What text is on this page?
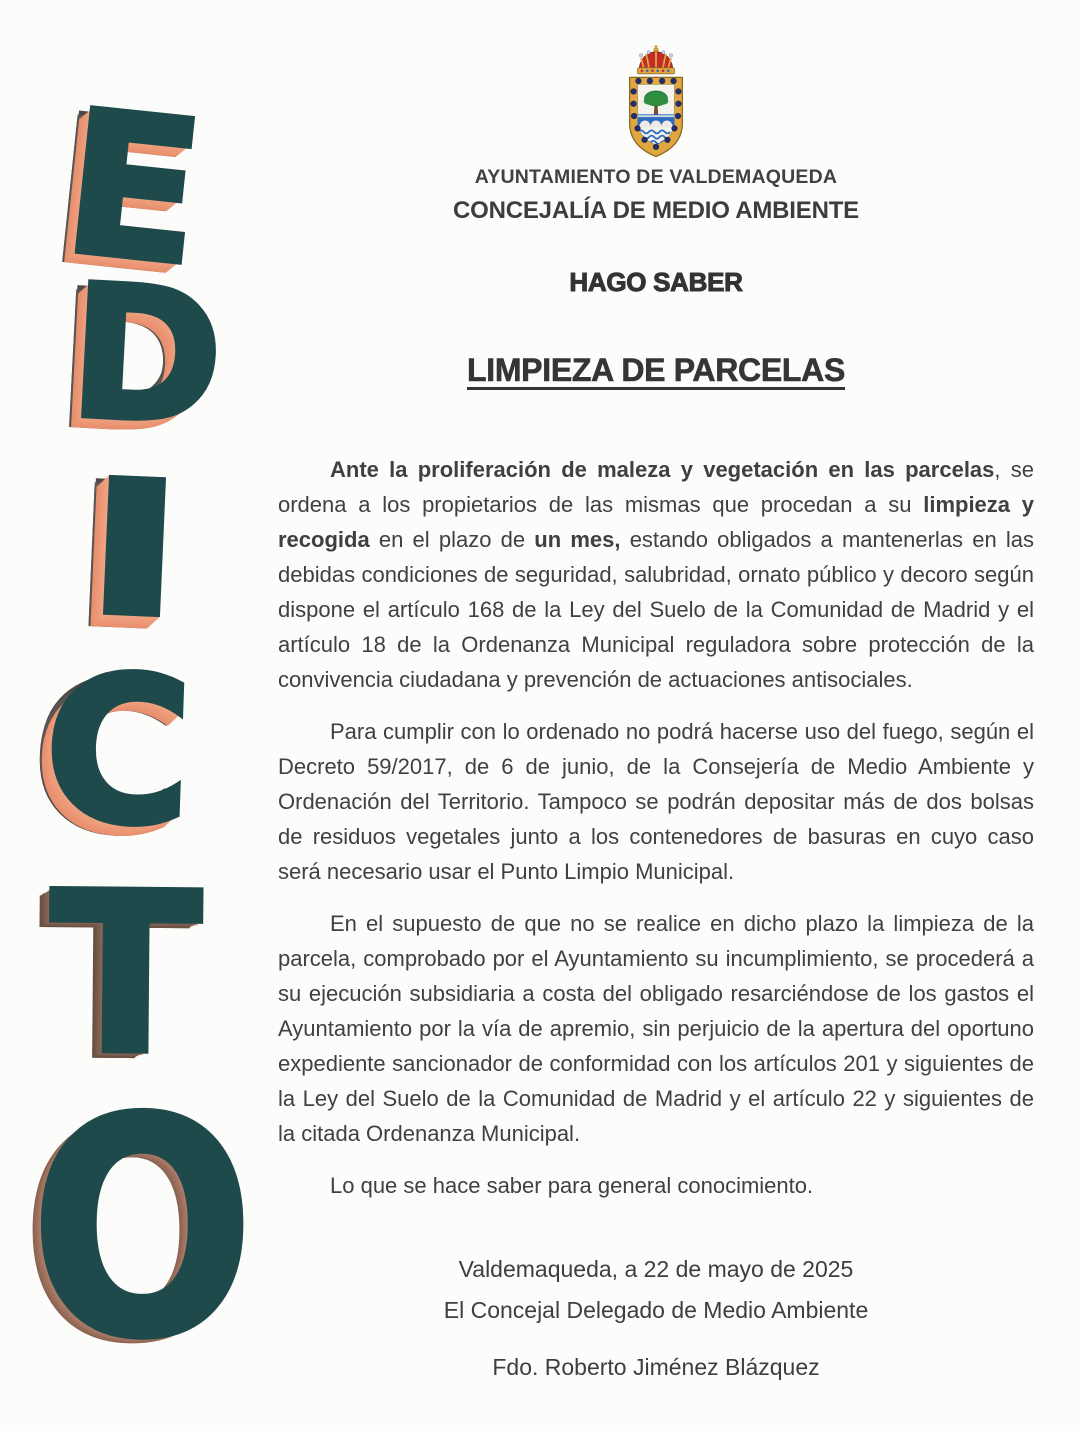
E
D
C
T
O
AYUNTAMIENTO DE VALDEMAQUEDA
CONCEJALÍA DE MEDIO AMBIENTE
HAGO SABER
LIMPIEZA DE PARCELAS

Ante la proliferación de maleza y vegetación en las parcelas, se ordena a los propietarios de las mismas que procedan a su limpieza y recogida en el plazo de un mes, estando obligados a mantenerlas en las debidas condiciones de seguridad, salubridad, ornato público y decoro según dispone el artículo 168 de la Ley del Suelo de la Comunidad de Madrid y el artículo 18 de la Ordenanza Municipal reguladora sobre protección de la convivencia ciudadana y prevención de actuaciones antisociales.

Para cumplir con lo ordenado no podrá hacerse uso del fuego, según el Decreto 59/2017, de 6 de junio, de la Consejería de Medio Ambiente y Ordenación del Territorio. Tampoco se podrán depositar más de dos bolsas de residuos vegetales junto a los contenedores de basuras en cuyo caso será necesario usar el Punto Limpio Municipal.

En el supuesto de que no se realice en dicho plazo la limpieza de la parcela, comprobado por el Ayuntamiento su incumplimiento, se procederá a su ejecución subsidiaria a costa del obligado resarciéndose de los gastos el Ayuntamiento por la vía de apremio, sin perjuicio de la apertura del oportuno expediente sancionador de conformidad con los artículos 201 y siguientes de la Ley del Suelo de la Comunidad de Madrid y el artículo 22 y siguientes de la citada Ordenanza Municipal.

Lo que se hace saber para general conocimiento.

Valdemaqueda, a 22 de mayo de 2025
El Concejal Delegado de Medio Ambiente
Fdo. Roberto Jiménez Blázquez
